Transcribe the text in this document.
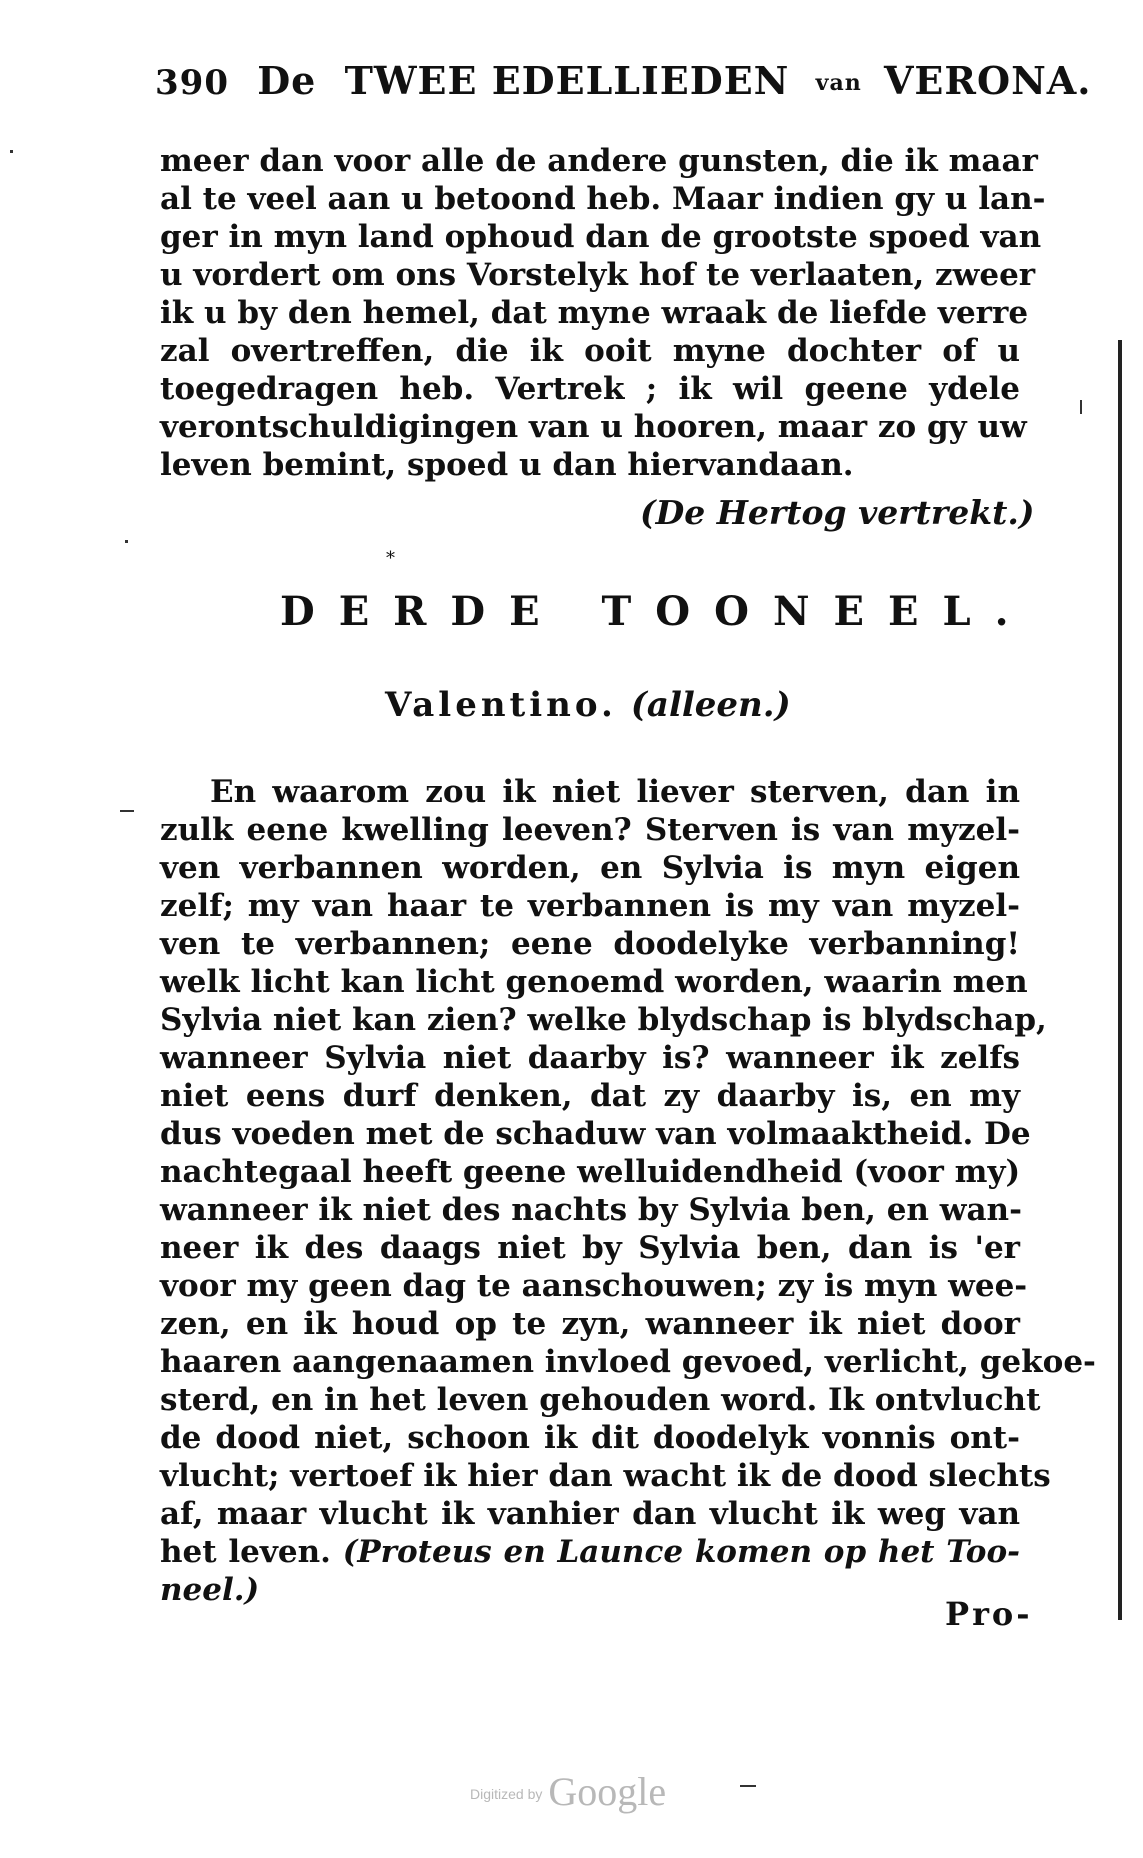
390 De TWEE EDELLIEDEN van VERONA.
meer dan voor alle de andere gunsten, die ik maar
al te veel aan u betoond heb. Maar indien gy u lan-
ger in myn land ophoud dan de grootste spoed van
u vordert om ons Vorstelyk hof te verlaaten, zweer
ik u by den hemel, dat myne wraak de liefde verre
zal overtreffen, die ik ooit myne dochter of u
toegedragen heb. Vertrek ; ik wil geene ydele
verontschuldigingen van u hooren, maar zo gy uw
leven bemint, spoed u dan hiervandaan.
(De Hertog vertrekt.)
*
DERDE TOONEEL.
Valentino. (alleen.)
En waarom zou ik niet liever sterven, dan in
zulk eene kwelling leeven? Sterven is van myzel-
ven verbannen worden, en Sylvia is myn eigen
zelf; my van haar te verbannen is my van myzel-
ven te verbannen; eene doodelyke verbanning!
welk licht kan licht genoemd worden, waarin men
Sylvia niet kan zien? welke blydschap is blydschap,
wanneer Sylvia niet daarby is? wanneer ik zelfs
niet eens durf denken, dat zy daarby is, en my
dus voeden met de schaduw van volmaaktheid. De
nachtegaal heeft geene welluidendheid (voor my)
wanneer ik niet des nachts by Sylvia ben, en wan-
neer ik des daags niet by Sylvia ben, dan is 'er
voor my geen dag te aanschouwen; zy is myn wee-
zen, en ik houd op te zyn, wanneer ik niet door
haaren aangenaamen invloed gevoed, verlicht, gekoe-
sterd, en in het leven gehouden word. Ik ontvlucht
de dood niet, schoon ik dit doodelyk vonnis ont-
vlucht; vertoef ik hier dan wacht ik de dood slechts
af, maar vlucht ik vanhier dan vlucht ik weg van
het leven. (Proteus en Launce komen op het Too-
neel.)
Pro-
Digitized by Google
